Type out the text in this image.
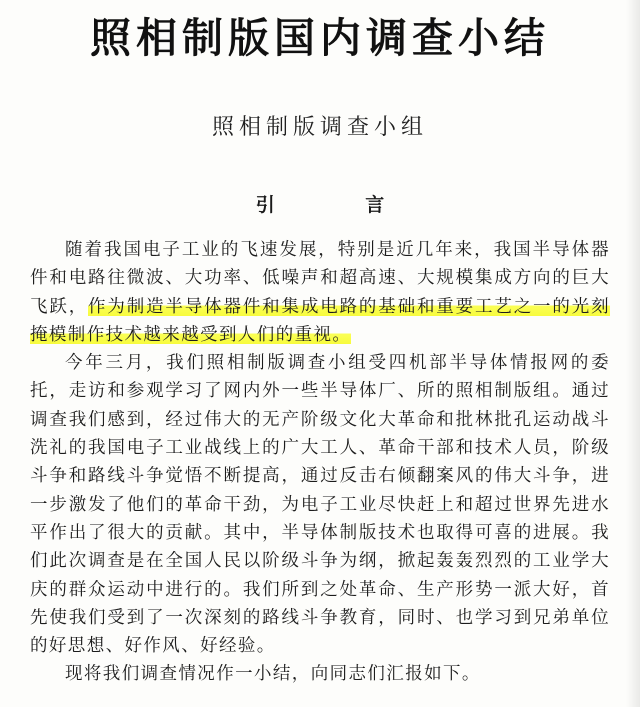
照相制版国内调查小结
照相制版调查小组
引 言

随着我国电子工业的飞速发展，特别是近几年来，我国半导体器件和电路往微波、大功率、低噪声和超高速、大规模集成方向的巨大飞跃，作为制造半导体器件和集成电路的基础和重要工艺之一的光刻掩模制作技术越来越受到人们的重视。

今年三月，我们照相制版调查小组受四机部半导体情报网的委托，走访和参观学习了网内外一些半导体厂、所的照相制版组。通过调查我们感到，经过伟大的无产阶级文化大革命和批林批孔运动战斗洗礼的我国电子工业战线上的广大工人、革命干部和技术人员，阶级斗争和路线斗争觉悟不断提高，通过反击右倾翻案风的伟大斗争，进一步激发了他们的革命干劲，为电子工业尽快赶上和超过世界先进水平作出了很大的贡献。其中，半导体制版技术也取得可喜的进展。我们此次调查是在全国人民以阶级斗争为纲，掀起轰轰烈烈的工业学大庆的群众运动中进行的。我们所到之处革命、生产形势一派大好，首先使我们受到了一次深刻的路线斗争教育，同时、也学习到兄弟单位的好思想、好作风、好经验。

现将我们调查情况作一小结，向同志们汇报如下。
